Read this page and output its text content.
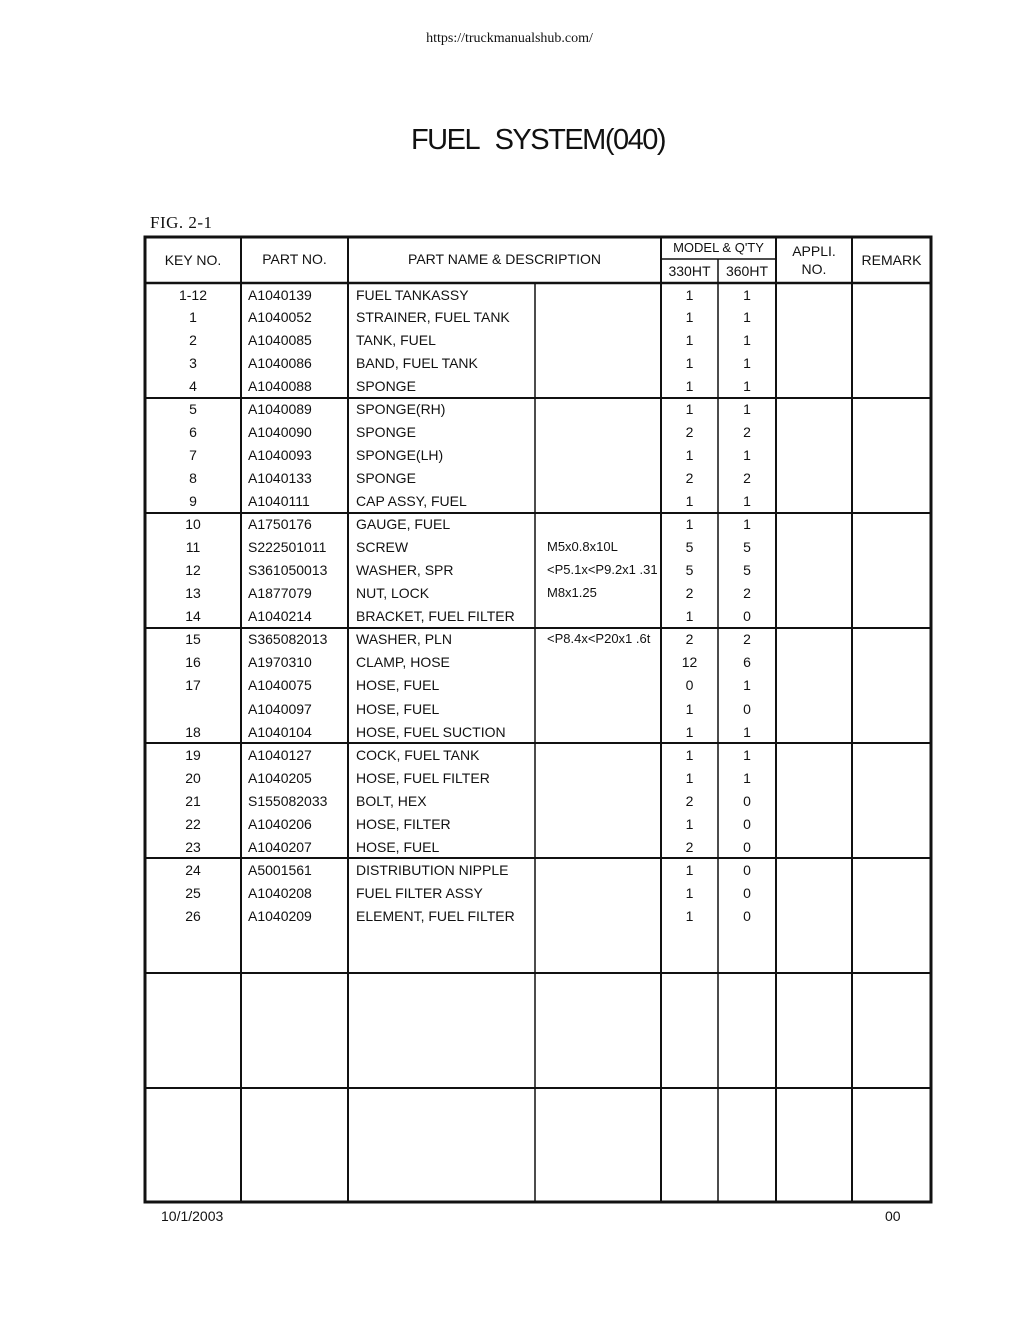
https://truckmanualshub.com/
FUEL SYSTEM(040)
FIG. 2-1
KEY NO.	PART NO.	PART NAME & DESCRIPTION
MODEL & Q'TY
330HT	360HT
APPLI.
NO.
REMARK
1-12	A1040139	FUEL TANKASSY	1	1
1	A1040052	STRAINER, FUEL TANK	1	1
2	A1040085	TANK, FUEL	1	1
3	A1040086	BAND, FUEL TANK	1	1
4	A1040088	SPONGE	1	1
5	A1040089	SPONGE(RH)	1	1
6	A1040090	SPONGE	2	2
7	A1040093	SPONGE(LH)	1	1
8	A1040133	SPONGE	2	2
9	A1040111	CAP ASSY, FUEL	1	1
10	A1750176	GAUGE, FUEL	1	1
11	S222501011	SCREW	M5x0.8x10L	5	5
12	S361050013	WASHER, SPR	<P5.1x<P9.2x1 .31	5	5
13	A1877079	NUT, LOCK	M8x1.25	2	2
14	A1040214	BRACKET, FUEL FILTER	1	0
15	S365082013	WASHER, PLN	<P8.4x<P20x1 .6t	2	2
16	A1970310	CLAMP, HOSE	12	6
17	A1040075	HOSE, FUEL	0	1
A1040097	HOSE, FUEL	1	0
18	A1040104	HOSE, FUEL SUCTION	1	1
19	A1040127	COCK, FUEL TANK	1	1
20	A1040205	HOSE, FUEL FILTER	1	1
21	S155082033	BOLT, HEX	2	0
22	A1040206	HOSE, FILTER	1	0
23	A1040207	HOSE, FUEL	2	0
24	A5001561	DISTRIBUTION NIPPLE	1	0
25	A1040208	FUEL FILTER ASSY	1	0
26	A1040209	ELEMENT, FUEL FILTER	1	0
10/1/2003	00
